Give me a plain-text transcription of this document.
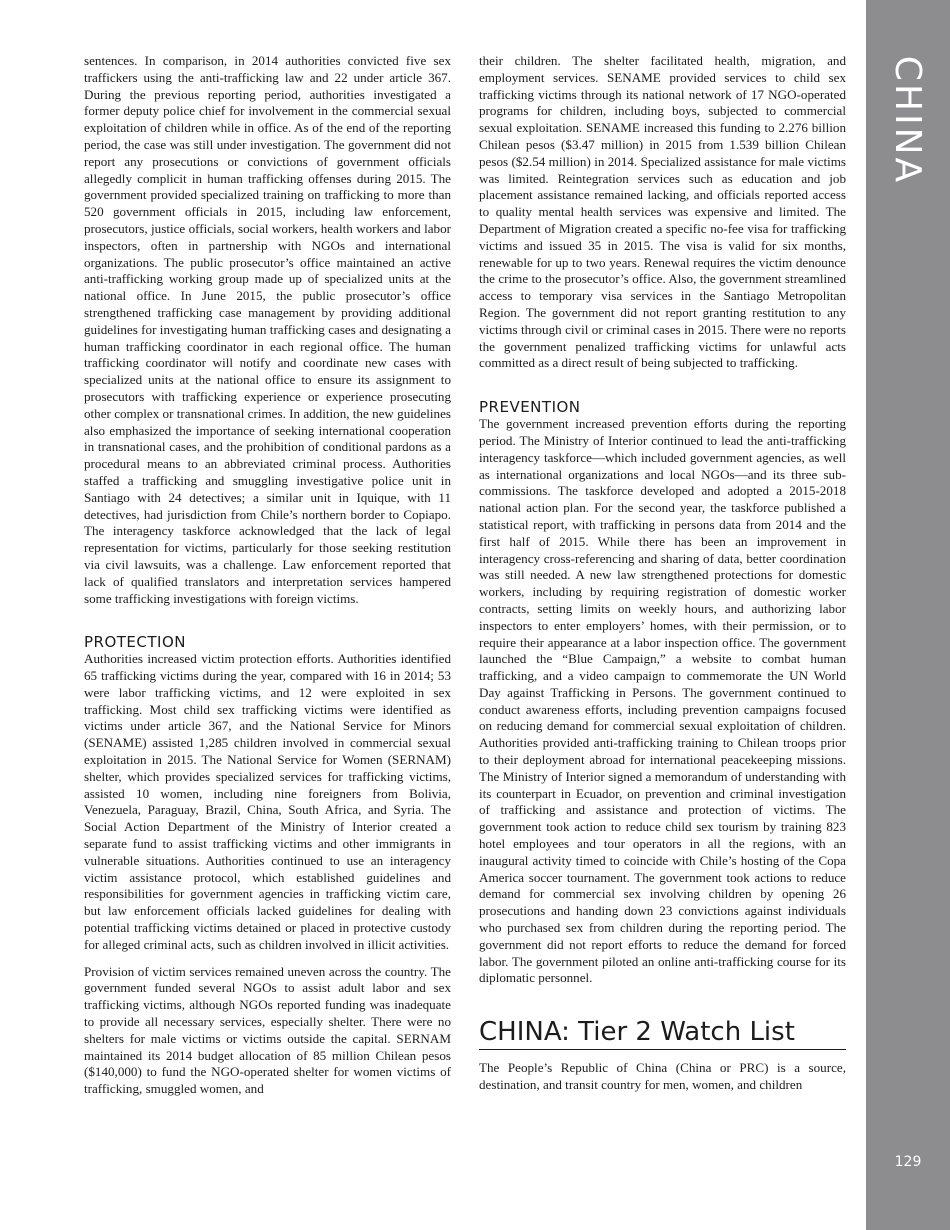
sentences. In comparison, in 2014 authorities convicted five sex traffickers using the anti-trafficking law and 22 under article 367. During the previous reporting period, authorities investigated a former deputy police chief for involvement in the commercial sexual exploitation of children while in office. As of the end of the reporting period, the case was still under investigation. The government did not report any prosecutions or convictions of government officials allegedly complicit in human trafficking offenses during 2015. The government provided specialized training on trafficking to more than 520 government officials in 2015, including law enforcement, prosecutors, justice officials, social workers, health workers and labor inspectors, often in partnership with NGOs and international organizations. The public prosecutor’s office maintained an active anti-trafficking working group made up of specialized units at the national office. In June 2015, the public prosecutor’s office strengthened trafficking case management by providing additional guidelines for investigating human trafficking cases and designating a human trafficking coordinator in each regional office. The human trafficking coordinator will notify and coordinate new cases with specialized units at the national office to ensure its assignment to prosecutors with trafficking experience or experience prosecuting other complex or transnational crimes. In addition, the new guidelines also emphasized the importance of seeking international cooperation in transnational cases, and the prohibition of conditional pardons as a procedural means to an abbreviated criminal process. Authorities staffed a trafficking and smuggling investigative police unit in Santiago with 24 detectives; a similar unit in Iquique, with 11 detectives, had jurisdiction from Chile’s northern border to Copiapo. The interagency taskforce acknowledged that the lack of legal representation for victims, particularly for those seeking restitution via civil lawsuits, was a challenge. Law enforcement reported that lack of qualified translators and interpretation services hampered some trafficking investigations with foreign victims.

PROTECTION

Authorities increased victim protection efforts. Authorities identified 65 trafficking victims during the year, compared with 16 in 2014; 53 were labor trafficking victims, and 12 were exploited in sex trafficking. Most child sex trafficking victims were identified as victims under article 367, and the National Service for Minors (SENAME) assisted 1,285 children involved in commercial sexual exploitation in 2015. The National Service for Women (SERNAM) shelter, which provides specialized services for trafficking victims, assisted 10 women, including nine foreigners from Bolivia, Venezuela, Paraguay, Brazil, China, South Africa, and Syria. The Social Action Department of the Ministry of Interior created a separate fund to assist trafficking victims and other immigrants in vulnerable situations. Authorities continued to use an interagency victim assistance protocol, which established guidelines and responsibilities for government agencies in trafficking victim care, but law enforcement officials lacked guidelines for dealing with potential trafficking victims detained or placed in protective custody for alleged criminal acts, such as children involved in illicit activities.

Provision of victim services remained uneven across the country. The government funded several NGOs to assist adult labor and sex trafficking victims, although NGOs reported funding was inadequate to provide all necessary services, especially shelter. There were no shelters for male victims or victims outside the capital. SERNAM maintained its 2014 budget allocation of 85 million Chilean pesos ($140,000) to fund the NGO-operated shelter for women victims of trafficking, smuggled women, and

their children. The shelter facilitated health, migration, and employment services. SENAME provided services to child sex trafficking victims through its national network of 17 NGO-operated programs for children, including boys, subjected to commercial sexual exploitation. SENAME increased this funding to 2.276 billion Chilean pesos ($3.47 million) in 2015 from 1.539 billion Chilean pesos ($2.54 million) in 2014. Specialized assistance for male victims was limited. Reintegration services such as education and job placement assistance remained lacking, and officials reported access to quality mental health services was expensive and limited. The Department of Migration created a specific no-fee visa for trafficking victims and issued 35 in 2015. The visa is valid for six months, renewable for up to two years. Renewal requires the victim denounce the crime to the prosecutor’s office. Also, the government streamlined access to temporary visa services in the Santiago Metropolitan Region. The government did not report granting restitution to any victims through civil or criminal cases in 2015. There were no reports the government penalized trafficking victims for unlawful acts committed as a direct result of being subjected to trafficking.

PREVENTION

The government increased prevention efforts during the reporting period. The Ministry of Interior continued to lead the anti-trafficking interagency taskforce—which included government agencies, as well as international organizations and local NGOs—and its three sub-commissions. The taskforce developed and adopted a 2015-2018 national action plan. For the second year, the taskforce published a statistical report, with trafficking in persons data from 2014 and the first half of 2015. While there has been an improvement in interagency cross-referencing and sharing of data, better coordination was still needed. A new law strengthened protections for domestic workers, including by requiring registration of domestic worker contracts, setting limits on weekly hours, and authorizing labor inspectors to enter employers’ homes, with their permission, or to require their appearance at a labor inspection office. The government launched the “Blue Campaign,” a website to combat human trafficking, and a video campaign to commemorate the UN World Day against Trafficking in Persons. The government continued to conduct awareness efforts, including prevention campaigns focused on reducing demand for commercial sexual exploitation of children. Authorities provided anti-trafficking training to Chilean troops prior to their deployment abroad for international peacekeeping missions. The Ministry of Interior signed a memorandum of understanding with its counterpart in Ecuador, on prevention and criminal investigation of trafficking and assistance and protection of victims. The government took action to reduce child sex tourism by training 823 hotel employees and tour operators in all the regions, with an inaugural activity timed to coincide with Chile’s hosting of the Copa America soccer tournament. The government took actions to reduce demand for commercial sex involving children by opening 26 prosecutions and handing down 23 convictions against individuals who purchased sex from children during the reporting period. The government did not report efforts to reduce the demand for forced labor. The government piloted an online anti-trafficking course for its diplomatic personnel.

CHINA: Tier 2 Watch List

The People’s Republic of China (China or PRC) is a source, destination, and transit country for men, women, and children

CHINA
129
